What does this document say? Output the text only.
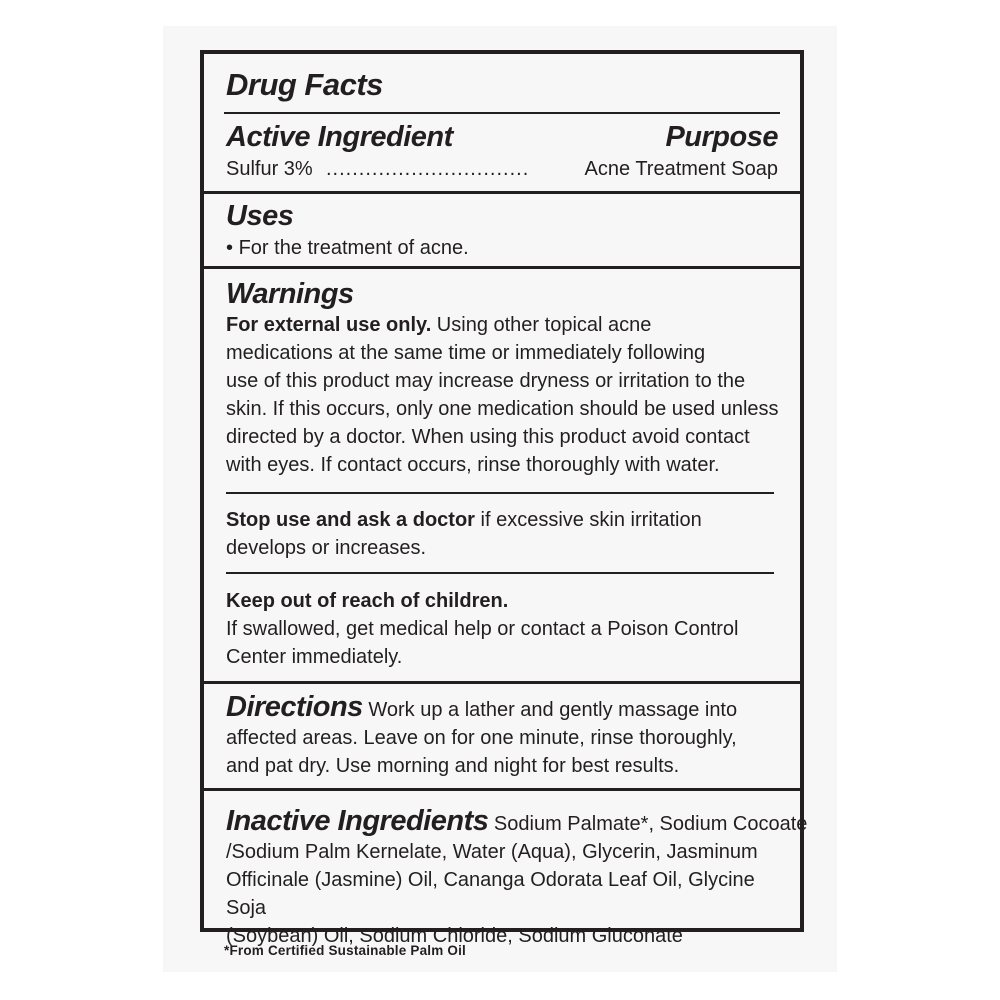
Drug Facts
Active Ingredient	Purpose
Sulfur 3% ...............................	Acne Treatment Soap
Uses
• For the treatment of acne.
Warnings
For external use only. Using other topical acne
medications at the same time or immediately following
use of this product may increase dryness or irritation to the
skin. If this occurs, only one medication should be used unless
directed by a doctor. When using this product avoid contact
with eyes. If contact occurs, rinse thoroughly with water.
Stop use and ask a doctor if excessive skin irritation
develops or increases.
Keep out of reach of children.
If swallowed, get medical help or contact a Poison Control
Center immediately.
Directions Work up a lather and gently massage into
affected areas. Leave on for one minute, rinse thoroughly,
and pat dry. Use morning and night for best results.
Inactive Ingredients Sodium Palmate*, Sodium Cocoate
/Sodium Palm Kernelate, Water (Aqua), Glycerin, Jasminum
Officinale (Jasmine) Oil, Cananga Odorata Leaf Oil, Glycine Soja
(Soybean) Oil, Sodium Chloride, Sodium Gluconate
*From Certified Sustainable Palm Oil
